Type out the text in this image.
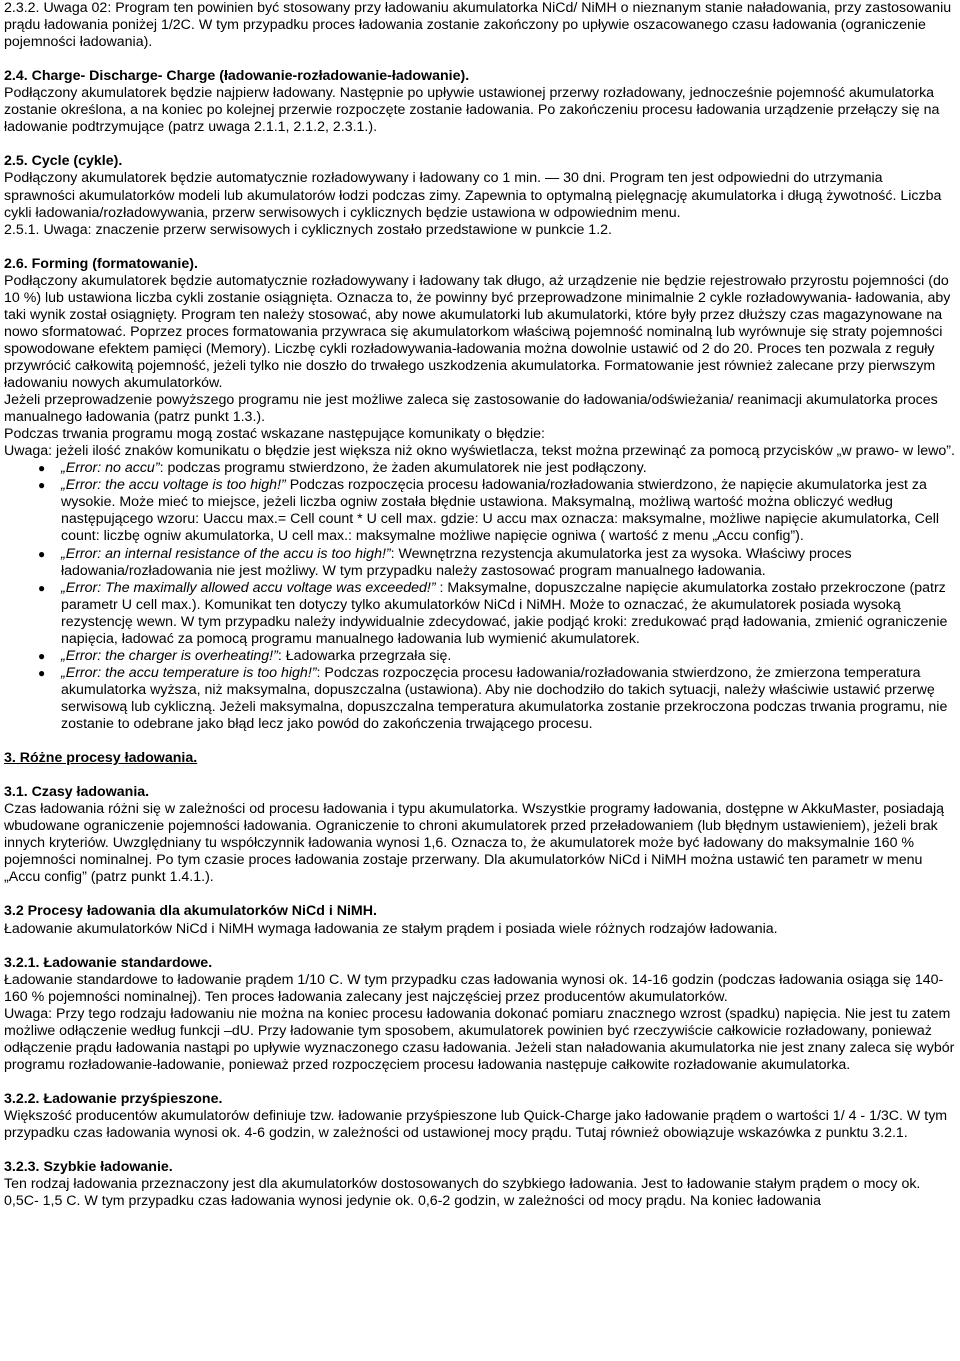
2.3.2. Uwaga 02: Program ten powinien być stosowany przy ładowaniu akumulatorka NiCd/ NiMH o nieznanym stanie naładowania, przy zastosowaniu prądu ładowania poniżej 1/2C. W tym przypadku proces ładowania zostanie zakończony po upływie oszacowanego czasu ładowania (ograniczenie pojemności ładowania).

2.4. Charge- Discharge- Charge (ładowanie-rozładowanie-ładowanie).

Podłączony akumulatorek będzie najpierw ładowany. Następnie po upływie ustawionej przerwy rozładowany, jednocześnie pojemność akumulatorka zostanie określona, a na koniec po kolejnej przerwie rozpoczęte zostanie ładowania. Po zakończeniu procesu ładowania urządzenie przełączy się na ładowanie podtrzymujące (patrz uwaga 2.1.1, 2.1.2, 2.3.1.).

2.5. Cycle (cykle).

Podłączony akumulatorek będzie automatycznie rozładowywany i ładowany co 1 min. — 30 dni. Program ten jest odpowiedni do utrzymania sprawności akumulatorków modeli lub akumulatorów łodzi podczas zimy. Zapewnia to optymalną pielęgnację akumulatorka i długą żywotność. Liczba cykli ładowania/rozładowywania, przerw serwisowych i cyklicznych będzie ustawiona w odpowiednim menu.

2.5.1. Uwaga: znaczenie przerw serwisowych i cyklicznych zostało przedstawione w punkcie 1.2.

2.6. Forming (formatowanie).

Podłączony akumulatorek będzie automatycznie rozładowywany i ładowany tak długo, aż urządzenie nie będzie rejestrowało przyrostu pojemności (do 10 %) lub ustawiona liczba cykli zostanie osiągnięta. Oznacza to, że powinny być przeprowadzone minimalnie 2 cykle rozładowywania- ładowania, aby taki wynik został osiągnięty. Program ten należy stosować, aby nowe akumulatorki lub akumulatorki, które były przez dłuższy czas magazynowane na nowo sformatować. Poprzez proces formatowania przywraca się akumulatorkom właściwą pojemność nominalną lub wyrównuje się straty pojemności spowodowane efektem pamięci (Memory). Liczbę cykli rozładowywania-ładowania można dowolnie ustawić od 2 do 20. Proces ten pozwala z reguły przywrócić całkowitą pojemność, jeżeli tylko nie doszło do trwałego uszkodzenia akumulatorka. Formatowanie jest również zalecane przy pierwszym ładowaniu nowych akumulatorków.

Jeżeli przeprowadzenie powyższego programu nie jest możliwe zaleca się zastosowanie do ładowania/odświeżania/ reanimacji akumulatorka proces manualnego ładowania (patrz punkt 1.3.).

Podczas trwania programu mogą zostać wskazane następujące komunikaty o błędzie:

Uwaga: jeżeli ilość znaków komunikatu o błędzie jest większa niż okno wyświetlacza, tekst można przewinąć za pomocą przycisków „w prawo- w lewo”.

● „Error: no accu”: podczas programu stwierdzono, że żaden akumulatorek nie jest podłączony.
● „Error: the accu voltage is too high!” Podczas rozpoczęcia procesu ładowania/rozładowania stwierdzono, że napięcie akumulatorka jest za wysokie. Może mieć to miejsce, jeżeli liczba ogniw została błędnie ustawiona. Maksymalną, możliwą wartość można obliczyć według następującego wzoru: Uaccu max.= Cell count * U cell max. gdzie: U accu max oznacza: maksymalne, możliwe napięcie akumulatorka, Cell count: liczbę ogniw akumulatorka, U cell max.: maksymalne możliwe napięcie ogniwa ( wartość z menu „Accu config”).
● „Error: an internal resistance of the accu is too high!”: Wewnętrzna rezystencja akumulatorka jest za wysoka. Właściwy proces ładowania/rozładowania nie jest możliwy. W tym przypadku należy zastosować program manualnego ładowania.
● „Error: The maximally allowed accu voltage was exceeded!” : Maksymalne, dopuszczalne napięcie akumulatorka zostało przekroczone (patrz parametr U cell max.). Komunikat ten dotyczy tylko akumulatorków NiCd i NiMH. Może to oznaczać, że akumulatorek posiada wysoką rezystencję wewn. W tym przypadku należy indywidualnie zdecydować, jakie podjąć kroki: zredukować prąd ładowania, zmienić ograniczenie napięcia, ładować za pomocą programu manualnego ładowania lub wymienić akumulatorek.
● „Error: the charger is overheating!”: Ładowarka przegrzała się.
● „Error: the accu temperature is too high!”: Podczas rozpoczęcia procesu ładowania/rozładowania stwierdzono, że zmierzona temperatura akumulatorka wyższa, niż maksymalna, dopuszczalna (ustawiona). Aby nie dochodziło do takich sytuacji, należy właściwie ustawić przerwę serwisową lub cykliczną. Jeżeli maksymalna, dopuszczalna temperatura akumulatorka zostanie przekroczona podczas trwania programu, nie zostanie to odebrane jako błąd lecz jako powód do zakończenia trwającego procesu.
3. Różne procesy ładowania.
3.1. Czasy ładowania.

Czas ładowania różni się w zależności od procesu ładowania i typu akumulatorka. Wszystkie programy ładowania, dostępne w AkkuMaster, posiadają wbudowane ograniczenie pojemności ładowania. Ograniczenie to chroni akumulatorek przed przeładowaniem (lub błędnym ustawieniem), jeżeli brak innych kryteriów. Uwzględniany tu współczynnik ładowania wynosi 1,6. Oznacza to, że akumulatorek może być ładowany do maksymalnie 160 % pojemności nominalnej. Po tym czasie proces ładowania zostaje przerwany. Dla akumulatorków NiCd i NiMH można ustawić ten parametr w menu „Accu config” (patrz punkt 1.4.1.).

3.2 Procesy ładowania dla akumulatorków NiCd i NiMH.

Ładowanie akumulatorków NiCd i NiMH wymaga ładowania ze stałym prądem i posiada wiele różnych rodzajów ładowania.

3.2.1. Ładowanie standardowe.

Ładowanie standardowe to ładowanie prądem 1/10 C. W tym przypadku czas ładowania wynosi ok. 14-16 godzin (podczas ładowania osiąga się 140-160 % pojemności nominalnej). Ten proces ładowania zalecany jest najczęściej przez producentów akumulatorków.

Uwaga: Przy tego rodzaju ładowaniu nie można na koniec procesu ładowania dokonać pomiaru znacznego wzrost (spadku) napięcia. Nie jest tu zatem możliwe odłączenie według funkcji –dU. Przy ładowanie tym sposobem, akumulatorek powinien być rzeczywiście całkowicie rozładowany, ponieważ odłączenie prądu ładowania nastąpi po upływie wyznaczonego czasu ładowania. Jeżeli stan naładowania akumulatorka nie jest znany zaleca się wybór programu rozładowanie-ładowanie, ponieważ przed rozpoczęciem procesu ładowania następuje całkowite rozładowanie akumulatorka.

3.2.2. Ładowanie przyśpieszone.

Większość producentów akumulatorów definiuje tzw. ładowanie przyśpieszone lub Quick-Charge jako ładowanie prądem o wartości 1/ 4 - 1/3C. W tym przypadku czas ładowania wynosi ok. 4-6 godzin, w zależności od ustawionej mocy prądu. Tutaj również obowiązuje wskazówka z punktu 3.2.1.

3.2.3. Szybkie ładowanie.

Ten rodzaj ładowania przeznaczony jest dla akumulatorków dostosowanych do szybkiego ładowania. Jest to ładowanie stałym prądem o mocy ok. 0,5C- 1,5 C. W tym przypadku czas ładowania wynosi jedynie ok. 0,6-2 godzin, w zależności od mocy prądu. Na koniec ładowania
